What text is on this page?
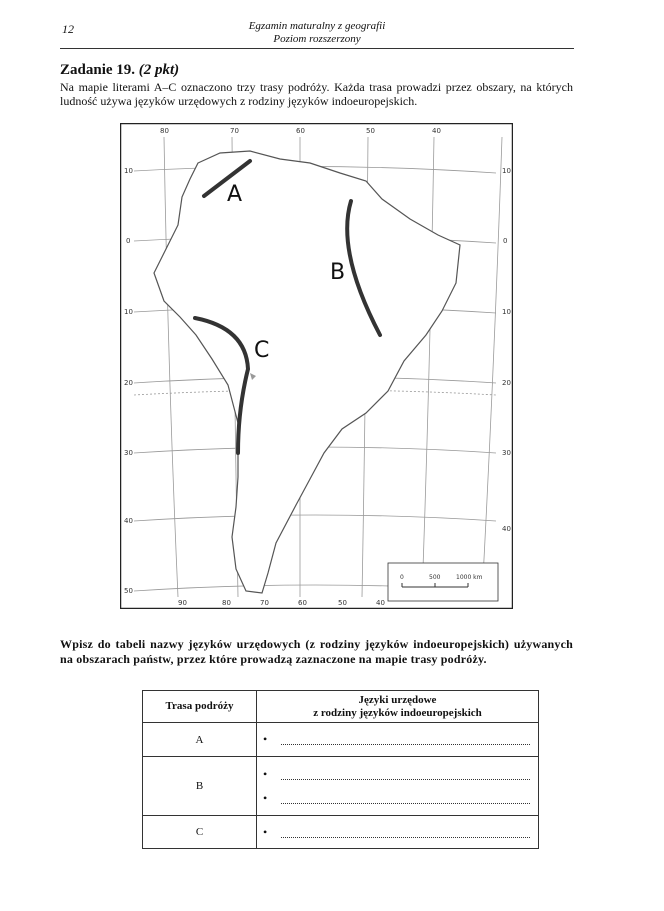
12	Egzamin maturalny z geografii
Poziom rozszerzony
Zadanie 19. (2 pkt)
Na mapie literami A–C oznaczono trzy trasy podróży. Każda trasa prowadzi przez obszary, na których ludność używa języków urzędowych z rodziny języków indoeuropejskich.
A
B
C
80	70	60	50	40
90	80	70	60	50	40
10
0
10
20
30
40
50
10
0
10
20
30
40
0	500	1000 km
Wpisz do tabeli nazwy języków urzędowych (z rodziny języków indoeuropejskich) używanych na obszarach państw, przez które prowadzą zaznaczone na mapie trasy podróży.
Trasa podróży	Języki urzędowe
z rodziny języków indoeuropejskich

A	•

B	•
•

C	•
